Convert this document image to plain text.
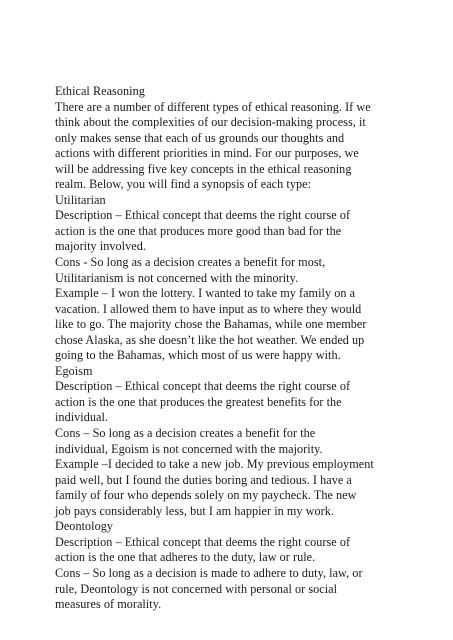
Ethical Reasoning
There are a number of different types of ethical reasoning. If we
think about the complexities of our decision-making process, it
only makes sense that each of us grounds our thoughts and
actions with different priorities in mind. For our purposes, we
will be addressing five key concepts in the ethical reasoning
realm. Below, you will find a synopsis of each type:
Utilitarian
Description – Ethical concept that deems the right course of
action is the one that produces more good than bad for the
majority involved.
Cons - So long as a decision creates a benefit for most,
Utilitarianism is not concerned with the minority.
Example – I won the lottery. I wanted to take my family on a
vacation. I allowed them to have input as to where they would
like to go. The majority chose the Bahamas, while one member
chose Alaska, as she doesn’t like the hot weather. We ended up
going to the Bahamas, which most of us were happy with.
Egoism
Description – Ethical concept that deems the right course of
action is the one that produces the greatest benefits for the
individual.
Cons – So long as a decision creates a benefit for the
individual, Egoism is not concerned with the majority.
Example –I decided to take a new job. My previous employment
paid well, but I found the duties boring and tedious. I have a
family of four who depends solely on my paycheck. The new
job pays considerably less, but I am happier in my work.
Deontology
Description – Ethical concept that deems the right course of
action is the one that adheres to the duty, law or rule.
Cons – So long as a decision is made to adhere to duty, law, or
rule, Deontology is not concerned with personal or social
measures of morality.
